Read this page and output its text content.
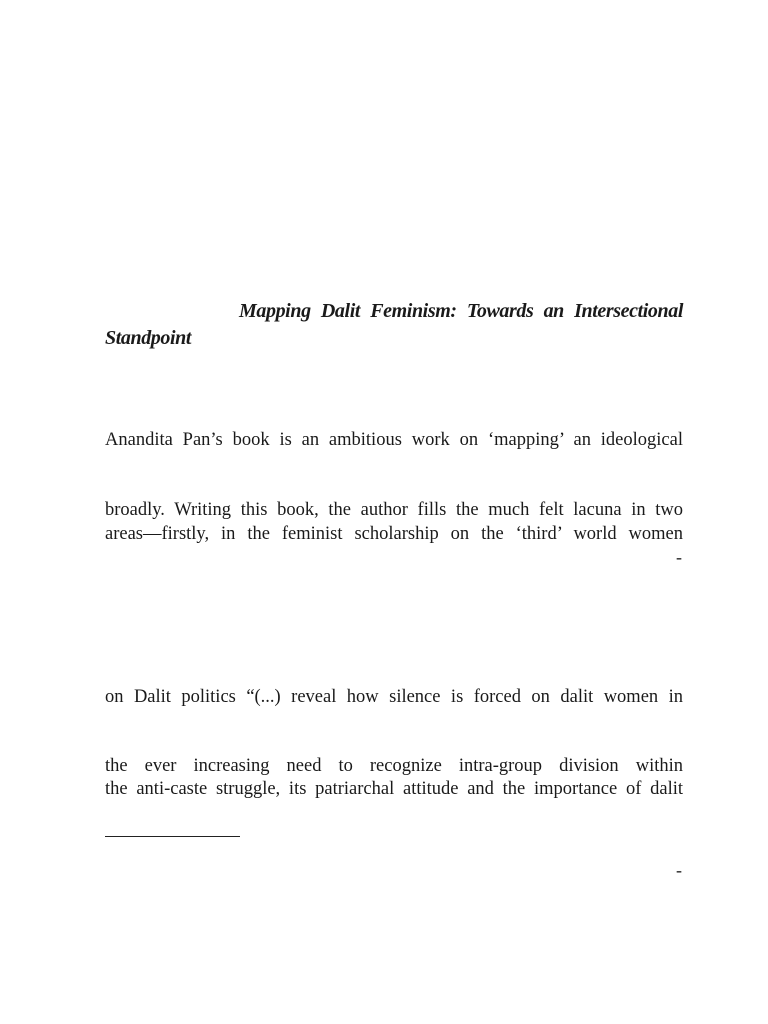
Mapping Dalit Feminism: Towards an Intersectional Standpoint
Anandita Pan’s book is an ambitious work on ‘mapping’ an ideological
broadly. Writing this book, the author fills the much felt lacuna in two
areas—firstly, in the feminist scholarship on the ‘third’ world women
-
on Dalit politics “(...) reveal how silence is forced on dalit women in
the ever increasing need to recognize intra-group division within
the anti-caste struggle, its patriarchal attitude and the importance of dalit
-
